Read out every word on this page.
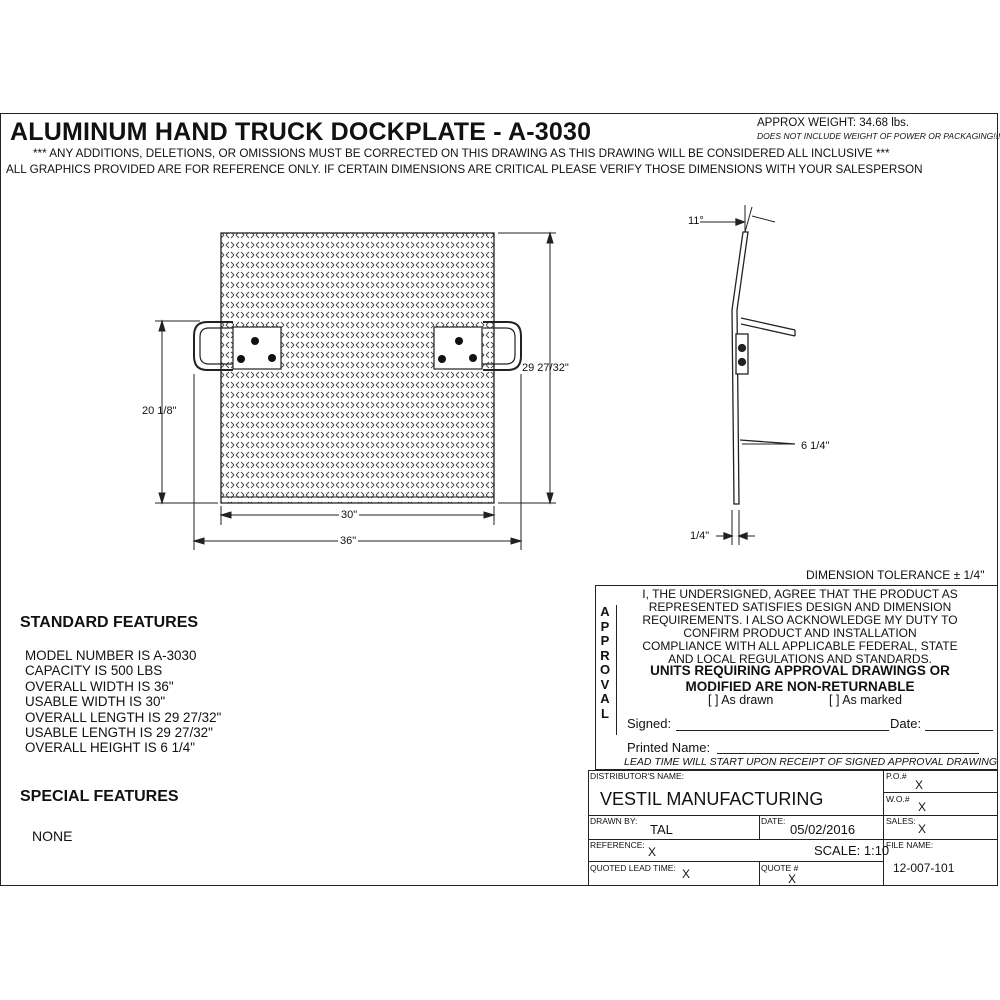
ALUMINUM HAND TRUCK DOCKPLATE - A-3030	APPROX WEIGHT: 34.68 lbs.
DOES NOT INCLUDE WEIGHT OF POWER OR PACKAGING!!!
*** ANY ADDITIONS, DELETIONS, OR OMISSIONS MUST BE CORRECTED ON THIS DRAWING AS THIS DRAWING WILL BE CONSIDERED ALL INCLUSIVE ***
ALL GRAPHICS PROVIDED ARE FOR REFERENCE ONLY. IF CERTAIN DIMENSIONS ARE CRITICAL PLEASE VERIFY THOSE DIMENSIONS WITH YOUR SALESPERSON
29 27/32"
20 1/8"
30"
36"
11°
6 1/4"
1/4"
DIMENSION TOLERANCE ± 1/4"
STANDARD FEATURES
MODEL NUMBER IS A-3030
CAPACITY IS 500 LBS
OVERALL WIDTH IS 36"
USABLE WIDTH IS 30"
OVERALL LENGTH IS 29 27/32"
USABLE LENGTH IS 29 27/32"
OVERALL HEIGHT IS 6 1/4"
SPECIAL FEATURES
NONE
A
P
P
R
O
V
A
L
I, THE UNDERSIGNED, AGREE THAT THE PRODUCT AS
REPRESENTED SATISFIES DESIGN AND DIMENSION
REQUIREMENTS. I ALSO ACKNOWLEDGE MY DUTY TO
CONFIRM PRODUCT AND INSTALLATION
COMPLIANCE WITH ALL APPLICABLE FEDERAL, STATE
AND LOCAL REGULATIONS AND STANDARDS.
UNITS REQUIRING APPROVAL DRAWINGS OR
MODIFIED ARE NON-RETURNABLE
[ ] As drawn	[ ] As marked
Signed:	Date:
Printed Name:
LEAD TIME WILL START UPON RECEIPT OF SIGNED APPROVAL DRAWING
DISTRIBUTOR'S NAME:
VESTIL MANUFACTURING
P.O.#
X
W.O.#
X
DRAWN BY:
TAL
DATE:
05/02/2016
SALES:
X
REFERENCE: X	SCALE: 1:10
FILE NAME:
12-007-101
QUOTED LEAD TIME: X	QUOTE #
X
